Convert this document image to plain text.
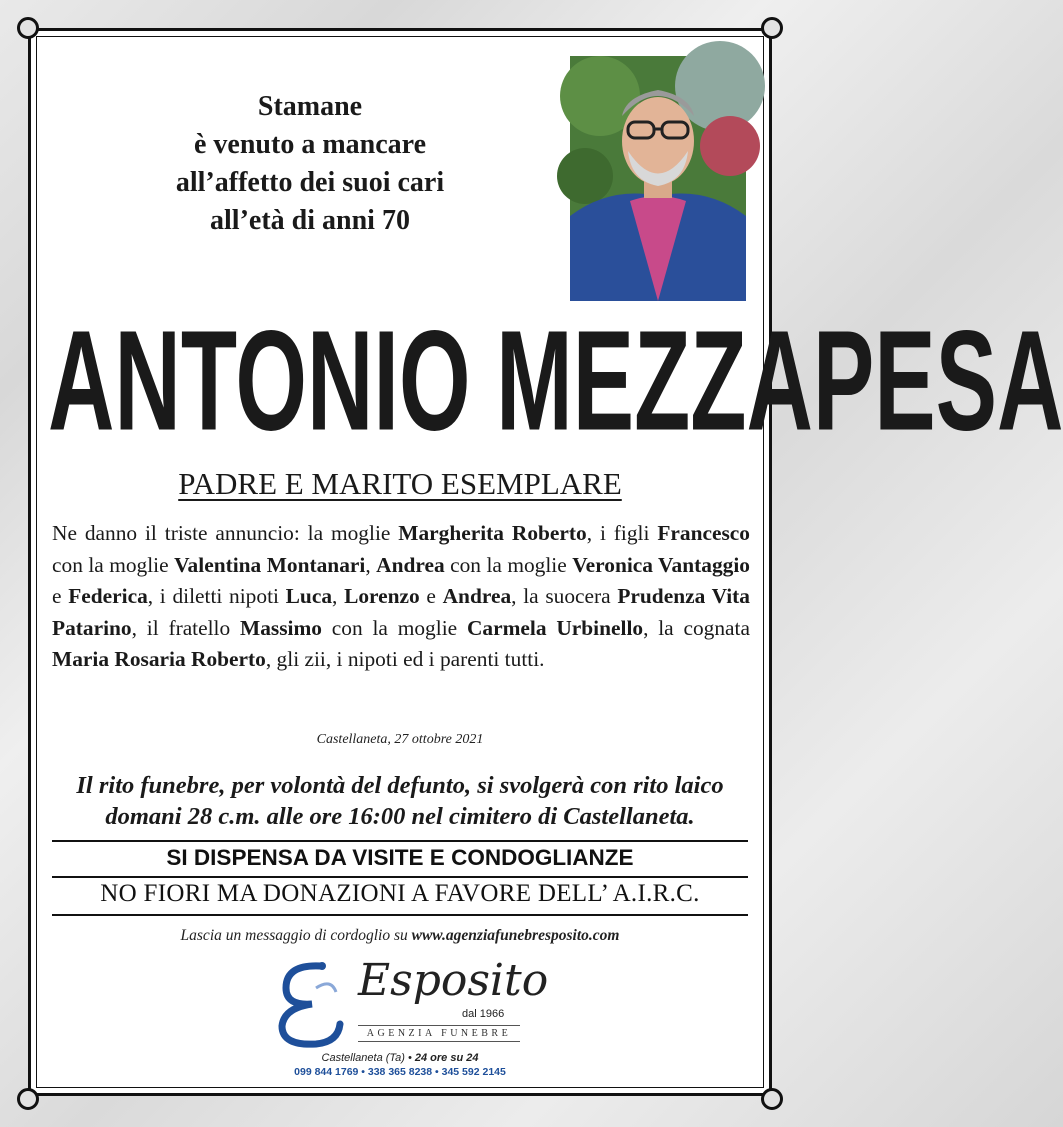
Stamane
è venuto a mancare
all’affetto dei suoi cari
all’età di anni 70
ANTONIO MEZZAPESA
PADRE E MARITO ESEMPLARE
Ne danno il triste annuncio: la moglie Margherita Roberto, i figli Francesco con la moglie Valentina Montanari, Andrea con la moglie Veronica Vantaggio e Federica, i diletti nipoti Luca, Lorenzo e Andrea, la suocera Prudenza Vita Patarino, il fratello Massimo con la moglie Carmela Urbinello, la cognata Maria Rosaria Roberto, gli zii, i nipoti ed i parenti tutti.
Castellaneta, 27 ottobre 2021
Il rito funebre, per volontà del defunto, si svolgerà con rito laico
domani 28 c.m. alle ore 16:00 nel cimitero di Castellaneta.
SI DISPENSA DA VISITE E CONDOGLIANZE
NO FIORI MA DONAZIONI A FAVORE DELL’ A.I.R.C.
Lascia un messaggio di cordoglio su www.agenziafunebresposito.com
Esposito
dal 1966
AGENZIA FUNEBRE
Castellaneta (Ta) • 24 ore su 24
099 844 1769 • 338 365 8238 • 345 592 2145
